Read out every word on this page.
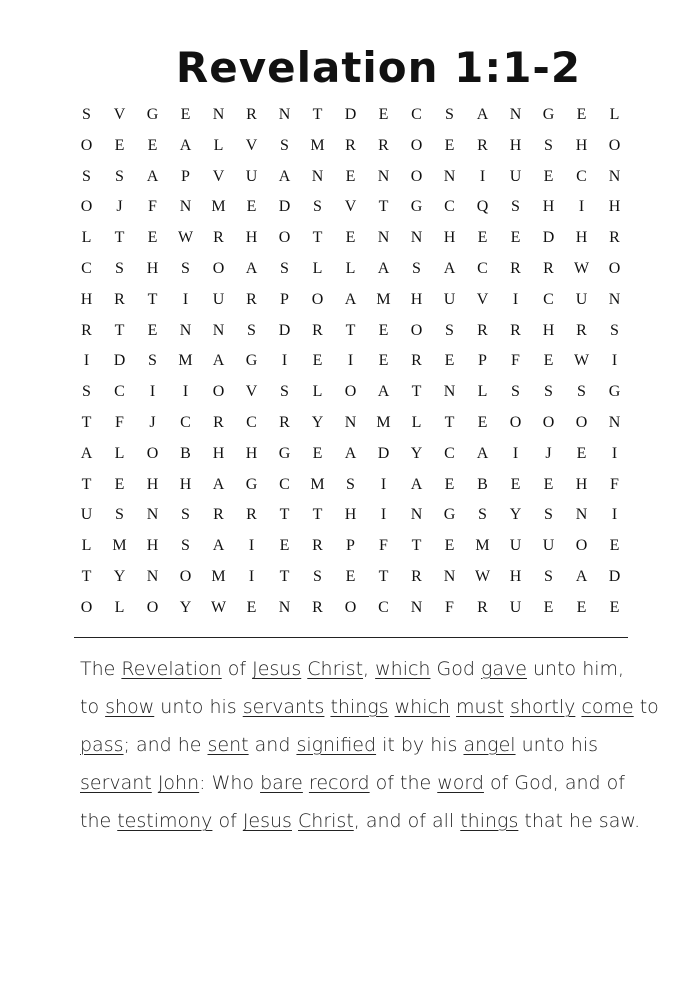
Revelation 1:1-2
S	V	G	E	N	R	N	T	D	E	C	S	A	N	G	E	L
O	E	E	A	L	V	S	M	R	R	O	E	R	H	S	H	O
S	S	A	P	V	U	A	N	E	N	O	N	I	U	E	C	N
O	J	F	N	M	E	D	S	V	T	G	C	Q	S	H	I	H
L	T	E	W	R	H	O	T	E	N	N	H	E	E	D	H	R
C	S	H	S	O	A	S	L	L	A	S	A	C	R	R	W	O
H	R	T	I	U	R	P	O	A	M	H	U	V	I	C	U	N
R	T	E	N	N	S	D	R	T	E	O	S	R	R	H	R	S
I	D	S	M	A	G	I	E	I	E	R	E	P	F	E	W	I
S	C	I	I	O	V	S	L	O	A	T	N	L	S	S	S	G
T	F	J	C	R	C	R	Y	N	M	L	T	E	O	O	O	N
A	L	O	B	H	H	G	E	A	D	Y	C	A	I	J	E	I
T	E	H	H	A	G	C	M	S	I	A	E	B	E	E	H	F
U	S	N	S	R	R	T	T	H	I	N	G	S	Y	S	N	I
L	M	H	S	A	I	E	R	P	F	T	E	M	U	U	O	E
T	Y	N	O	M	I	T	S	E	T	R	N	W	H	S	A	D
O	L	O	Y	W	E	N	R	O	C	N	F	R	U	E	E	E
The Revelation of Jesus Christ, which God gave unto him,
to show unto his servants things which must shortly come to
pass; and he sent and signified it by his angel unto his
servant John: Who bare record of the word of God, and of
the testimony of Jesus Christ, and of all things that he saw.
